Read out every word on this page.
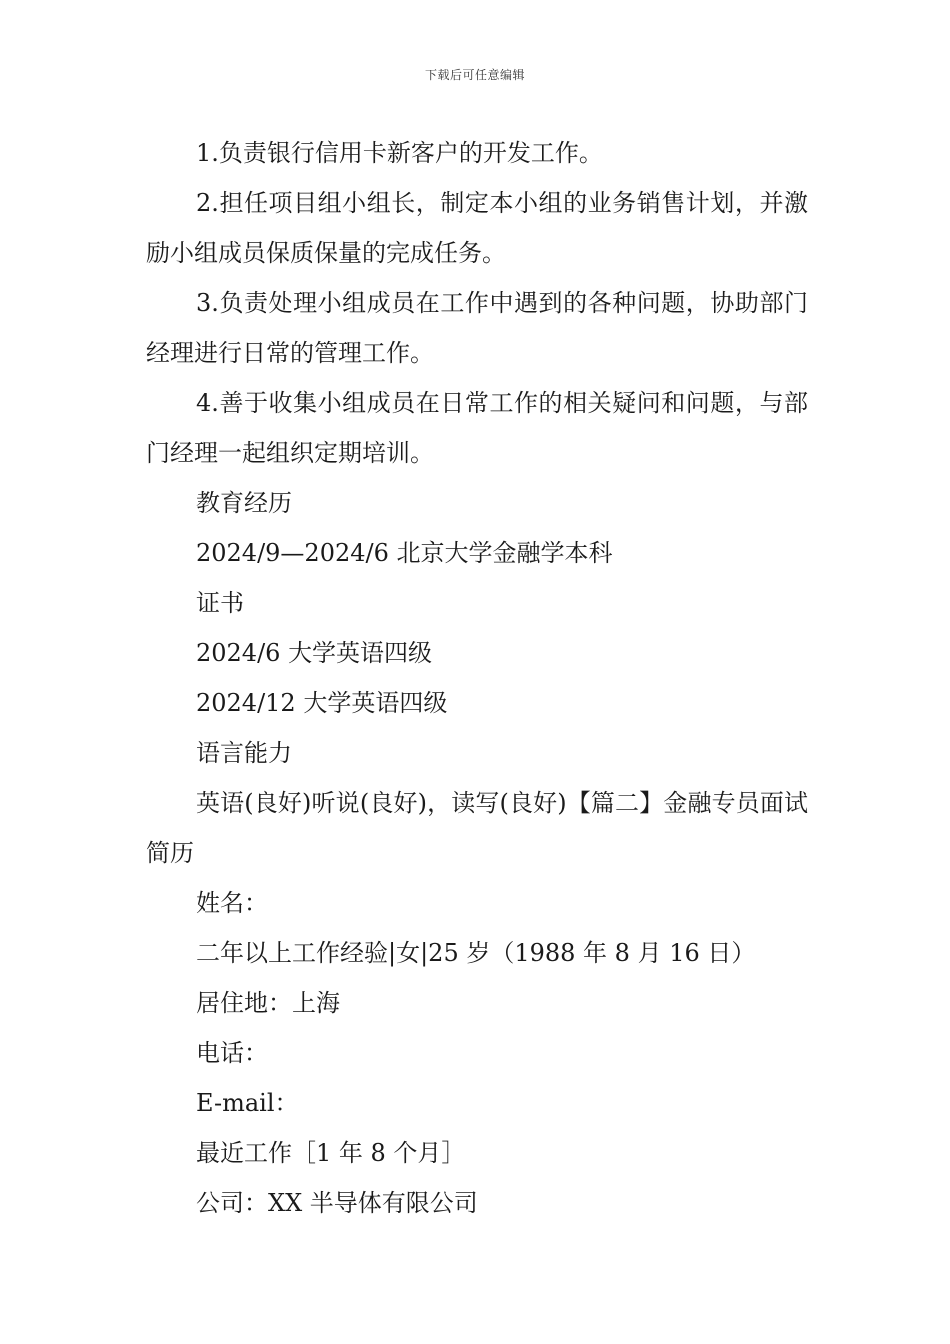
下载后可任意编辑

1.负责银行信用卡新客户的开发工作。

2.担任项目组小组长，制定本小组的业务销售计划，并激励小组成员保质保量的完成任务。

3.负责处理小组成员在工作中遇到的各种问题，协助部门经理进行日常的管理工作。

4.善于收集小组成员在日常工作的相关疑问和问题，与部门经理一起组织定期培训。

教育经历

2024/9—2024/6 北京大学金融学本科

证书

2024/6 大学英语四级

2024/12 大学英语四级

语言能力

英语(良好)听说(良好)，读写(良好)【篇二】金融专员面试简历

姓名：

二年以上工作经验|女|25 岁（1988 年 8 月 16 日）

居住地：上海

电话：

E-mail：

最近工作［1 年 8 个月］

公司：XX 半导体有限公司
